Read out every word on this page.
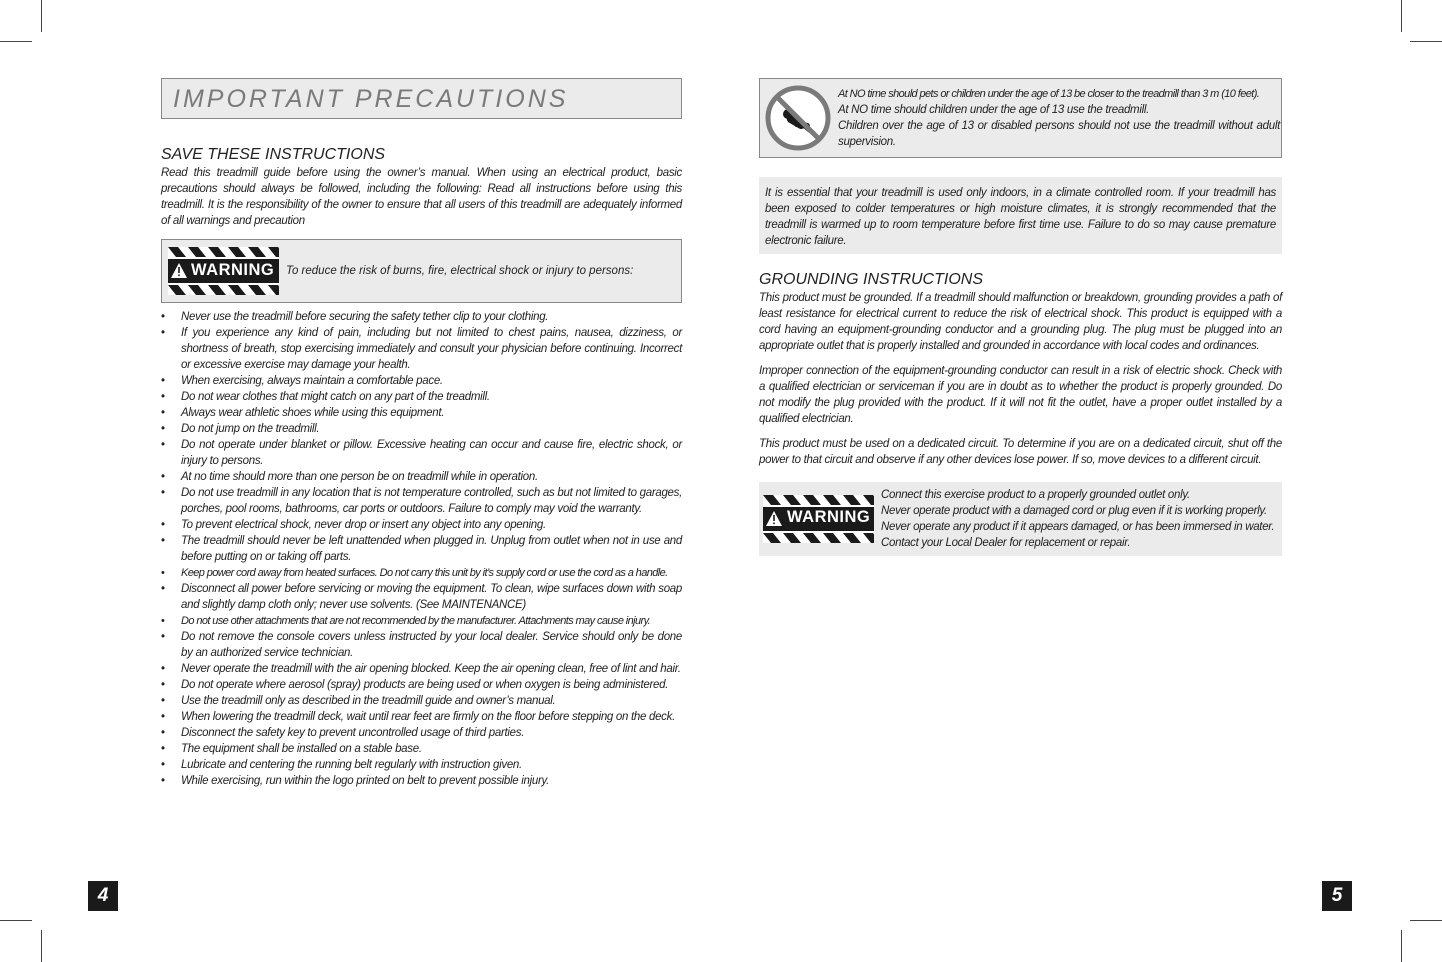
IMPORTANT PRECAUTIONS
SAVE THESE INSTRUCTIONS
Read this treadmill guide before using the owner’s manual. When using an electrical product, basic precautions should always be followed, including the following: Read all instructions before using this treadmill. It is the responsibility of the owner to ensure that all users of this treadmill are adequately informed of all warnings and precaution
WARNING To reduce the risk of burns, fire, electrical shock or injury to persons:
• Never use the treadmill before securing the safety tether clip to your clothing.
• If you experience any kind of pain, including but not limited to chest pains, nausea, dizziness, or shortness of breath, stop exercising immediately and consult your physician before continuing. Incorrect or excessive exercise may damage your health.
• When exercising, always maintain a comfortable pace.
• Do not wear clothes that might catch on any part of the treadmill.
• Always wear athletic shoes while using this equipment.
• Do not jump on the treadmill.
• Do not operate under blanket or pillow. Excessive heating can occur and cause fire, electric shock, or injury to persons.
• At no time should more than one person be on treadmill while in operation.
• Do not use treadmill in any location that is not temperature controlled, such as but not limited to garages, porches, pool rooms, bathrooms, car ports or outdoors. Failure to comply may void the warranty.
• To prevent electrical shock, never drop or insert any object into any opening.
• The treadmill should never be left unattended when plugged in. Unplug from outlet when not in use and before putting on or taking off parts.
• Keep power cord away from heated surfaces. Do not carry this unit by it’s supply cord or use the cord as a handle.
• Disconnect all power before servicing or moving the equipment. To clean, wipe surfaces down with soap and slightly damp cloth only; never use solvents. (See MAINTENANCE)
• Do not use other attachments that are not recommended by the manufacturer. Attachments may cause injury.
• Do not remove the console covers unless instructed by your local dealer. Service should only be done by an authorized service technician.
• Never operate the treadmill with the air opening blocked. Keep the air opening clean, free of lint and hair.
• Do not operate where aerosol (spray) products are being used or when oxygen is being administered.
• Use the treadmill only as described in the treadmill guide and owner’s manual.
• When lowering the treadmill deck, wait until rear feet are firmly on the floor before stepping on the deck.
• Disconnect the safety key to prevent uncontrolled usage of third parties.
• The equipment shall be installed on a stable base.
• Lubricate and centering the running belt regularly with instruction given.
• While exercising, run within the logo printed on belt to prevent possible injury.
At NO time should pets or children under the age of 13 be closer to the treadmill than 3 m (10 feet).
At NO time should children under the age of 13 use the treadmill.
Children over the age of 13 or disabled persons should not use the treadmill without adult supervision.
It is essential that your treadmill is used only indoors, in a climate controlled room. If your treadmill has been exposed to colder temperatures or high moisture climates, it is strongly recommended that the treadmill is warmed up to room temperature before first time use. Failure to do so may cause premature electronic failure.
GROUNDING INSTRUCTIONS
This product must be grounded. If a treadmill should malfunction or breakdown, grounding provides a path of least resistance for electrical current to reduce the risk of electrical shock. This product is equipped with a cord having an equipment-grounding conductor and a grounding plug. The plug must be plugged into an appropriate outlet that is properly installed and grounded in accordance with local codes and ordinances.
Improper connection of the equipment-grounding conductor can result in a risk of electric shock. Check with a qualified electrician or serviceman if you are in doubt as to whether the product is properly grounded. Do not modify the plug provided with the product. If it will not fit the outlet, have a proper outlet installed by a qualified electrician.
This product must be used on a dedicated circuit. To determine if you are on a dedicated circuit, shut off the power to that circuit and observe if any other devices lose power. If so, move devices to a different circuit.
WARNING
Connect this exercise product to a properly grounded outlet only.
Never operate product with a damaged cord or plug even if it is working properly.
Never operate any product if it appears damaged, or has been immersed in water.
Contact your Local Dealer for replacement or repair.
4	5
